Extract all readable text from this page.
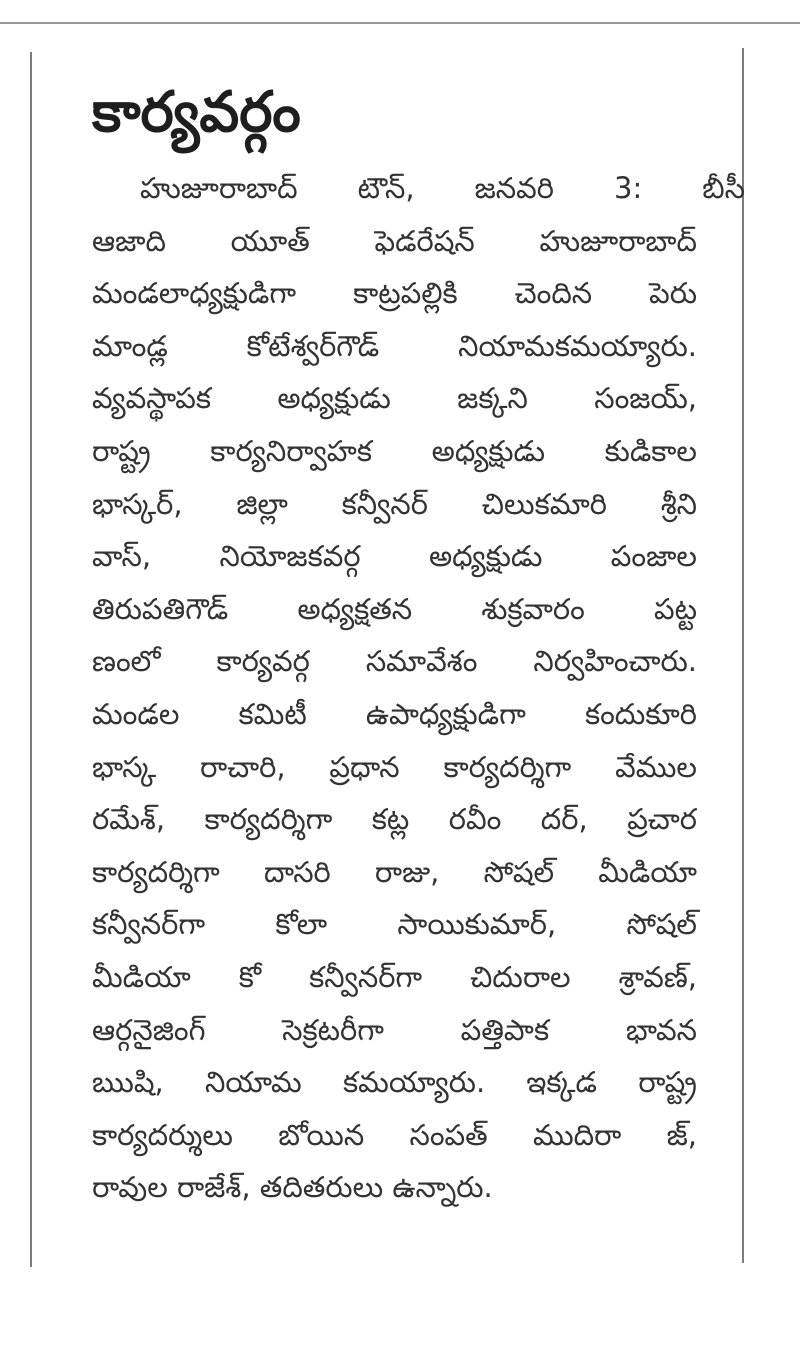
కార్యవర్గం
హుజూరాబాద్ టౌన్, జనవరి 3: బీసీ
ఆజాది యూత్ ఫెడరేషన్ హుజూరాబాద్
మండలాధ్యక్షుడిగా కాట్రపల్లికి చెందిన పెరు
మాండ్ల కోటేశ్వర్‌గౌడ్ నియామకమయ్యారు.
వ్యవస్థాపక అధ్యక్షుడు జక్కని సంజయ్,
రాష్ట్ర కార్యనిర్వాహక అధ్యక్షుడు కుడికాల
భాస్కర్, జిల్లా కన్వీనర్ చిలుకమారి శ్రీని
వాస్, నియోజకవర్గ అధ్యక్షుడు పంజాల
తిరుపతిగౌడ్ అధ్యక్షతన శుక్రవారం పట్ట
ణంలో కార్యవర్గ సమావేశం నిర్వహించారు.
మండల కమిటీ ఉపాధ్యక్షుడిగా కందుకూరి
భాస్క రాచారి, ప్రధాన కార్యదర్శిగా వేముల
రమేశ్, కార్యదర్శిగా కట్ల రవీం దర్, ప్రచార
కార్యదర్శిగా దాసరి రాజు, సోషల్ మీడియా
కన్వీనర్‌గా కోలా సాయికుమార్, సోషల్
మీడియా కో కన్వీనర్‌గా చిదురాల శ్రావణ్,
ఆర్గనైజింగ్ సెక్రటరీగా పత్తిపాక భావన
ఋషి, నియామ కమయ్యారు. ఇక్కడ రాష్ట్ర
కార్యదర్శులు బోయిన సంపత్ ముదిరా జ్,
రావుల రాజేశ్, తదితరులు ఉన్నారు.
